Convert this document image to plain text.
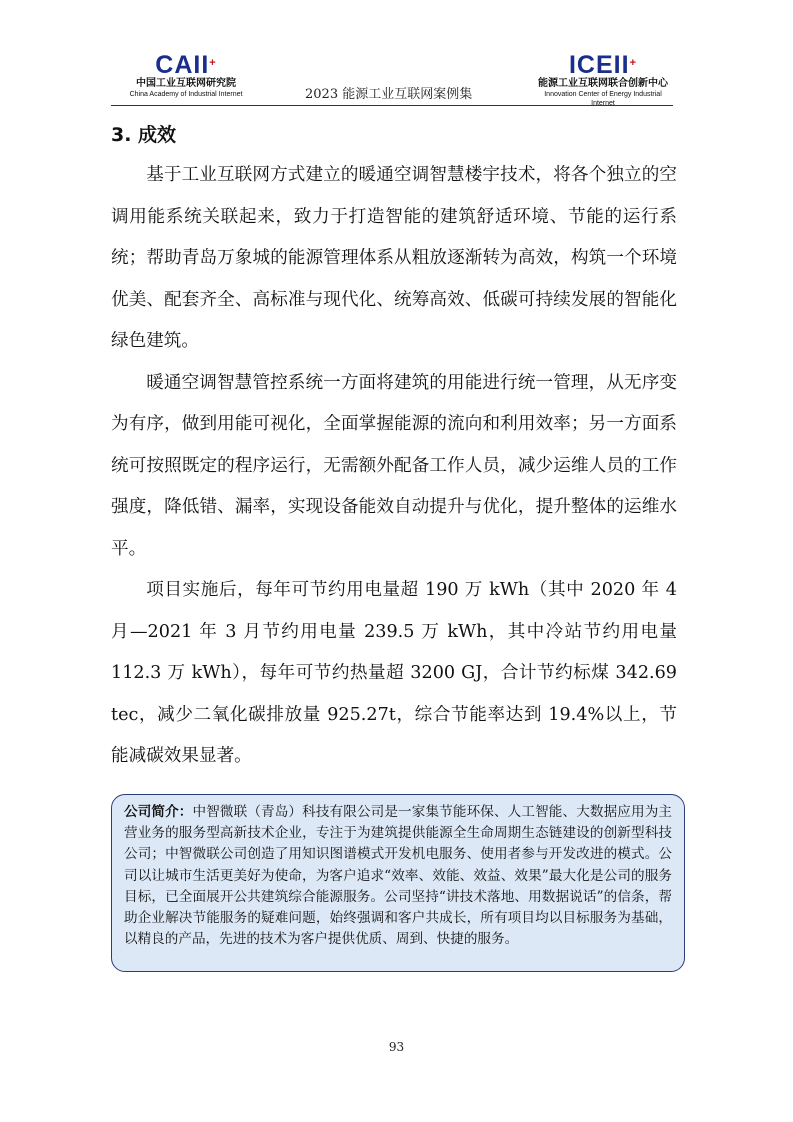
CAII+
中国工业互联网研究院
China Academy of Industrial Internet	2023 能源工业互联网案例集
ICEII+
能源工业互联网联合创新中心
Innovation Center of Energy Industrial Internet
3. 成效

基于工业互联网方式建立的暖通空调智慧楼宇技术，将各个独立的空调用能系统关联起来，致力于打造智能的建筑舒适环境、节能的运行系统；帮助青岛万象城的能源管理体系从粗放逐渐转为高效，构筑一个环境优美、配套齐全、高标准与现代化、统筹高效、低碳可持续发展的智能化绿色建筑。

暖通空调智慧管控系统一方面将建筑的用能进行统一管理，从无序变为有序，做到用能可视化，全面掌握能源的流向和利用效率；另一方面系统可按照既定的程序运行，无需额外配备工作人员，减少运维人员的工作强度，降低错、漏率，实现设备能效自动提升与优化，提升整体的运维水平。

项目实施后，每年可节约用电量超 190 万 kWh（其中 2020 年 4 月—2021 年 3 月节约用电量 239.5 万 kWh，其中冷站节约用电量 112.3 万 kWh），每年可节约热量超 3200 GJ，合计节约标煤 342.69 tec，减少二氧化碳排放量 925.27t，综合节能率达到 19.4%以上，节能减碳效果显著。

公司简介：中智微联（青岛）科技有限公司是一家集节能环保、人工智能、大数据应用为主营业务的服务型高新技术企业，专注于为建筑提供能源全生命周期生态链建设的创新型科技公司；中智微联公司创造了用知识图谱模式开发机电服务、使用者参与开发改进的模式。公司以让城市生活更美好为使命，为客户追求“效率、效能、效益、效果”最大化是公司的服务目标，已全面展开公共建筑综合能源服务。公司坚持“讲技术落地、用数据说话”的信条，帮助企业解决节能服务的疑难问题，始终强调和客户共成长，所有项目均以目标服务为基础，以精良的产品，先进的技术为客户提供优质、周到、快捷的服务。

93
